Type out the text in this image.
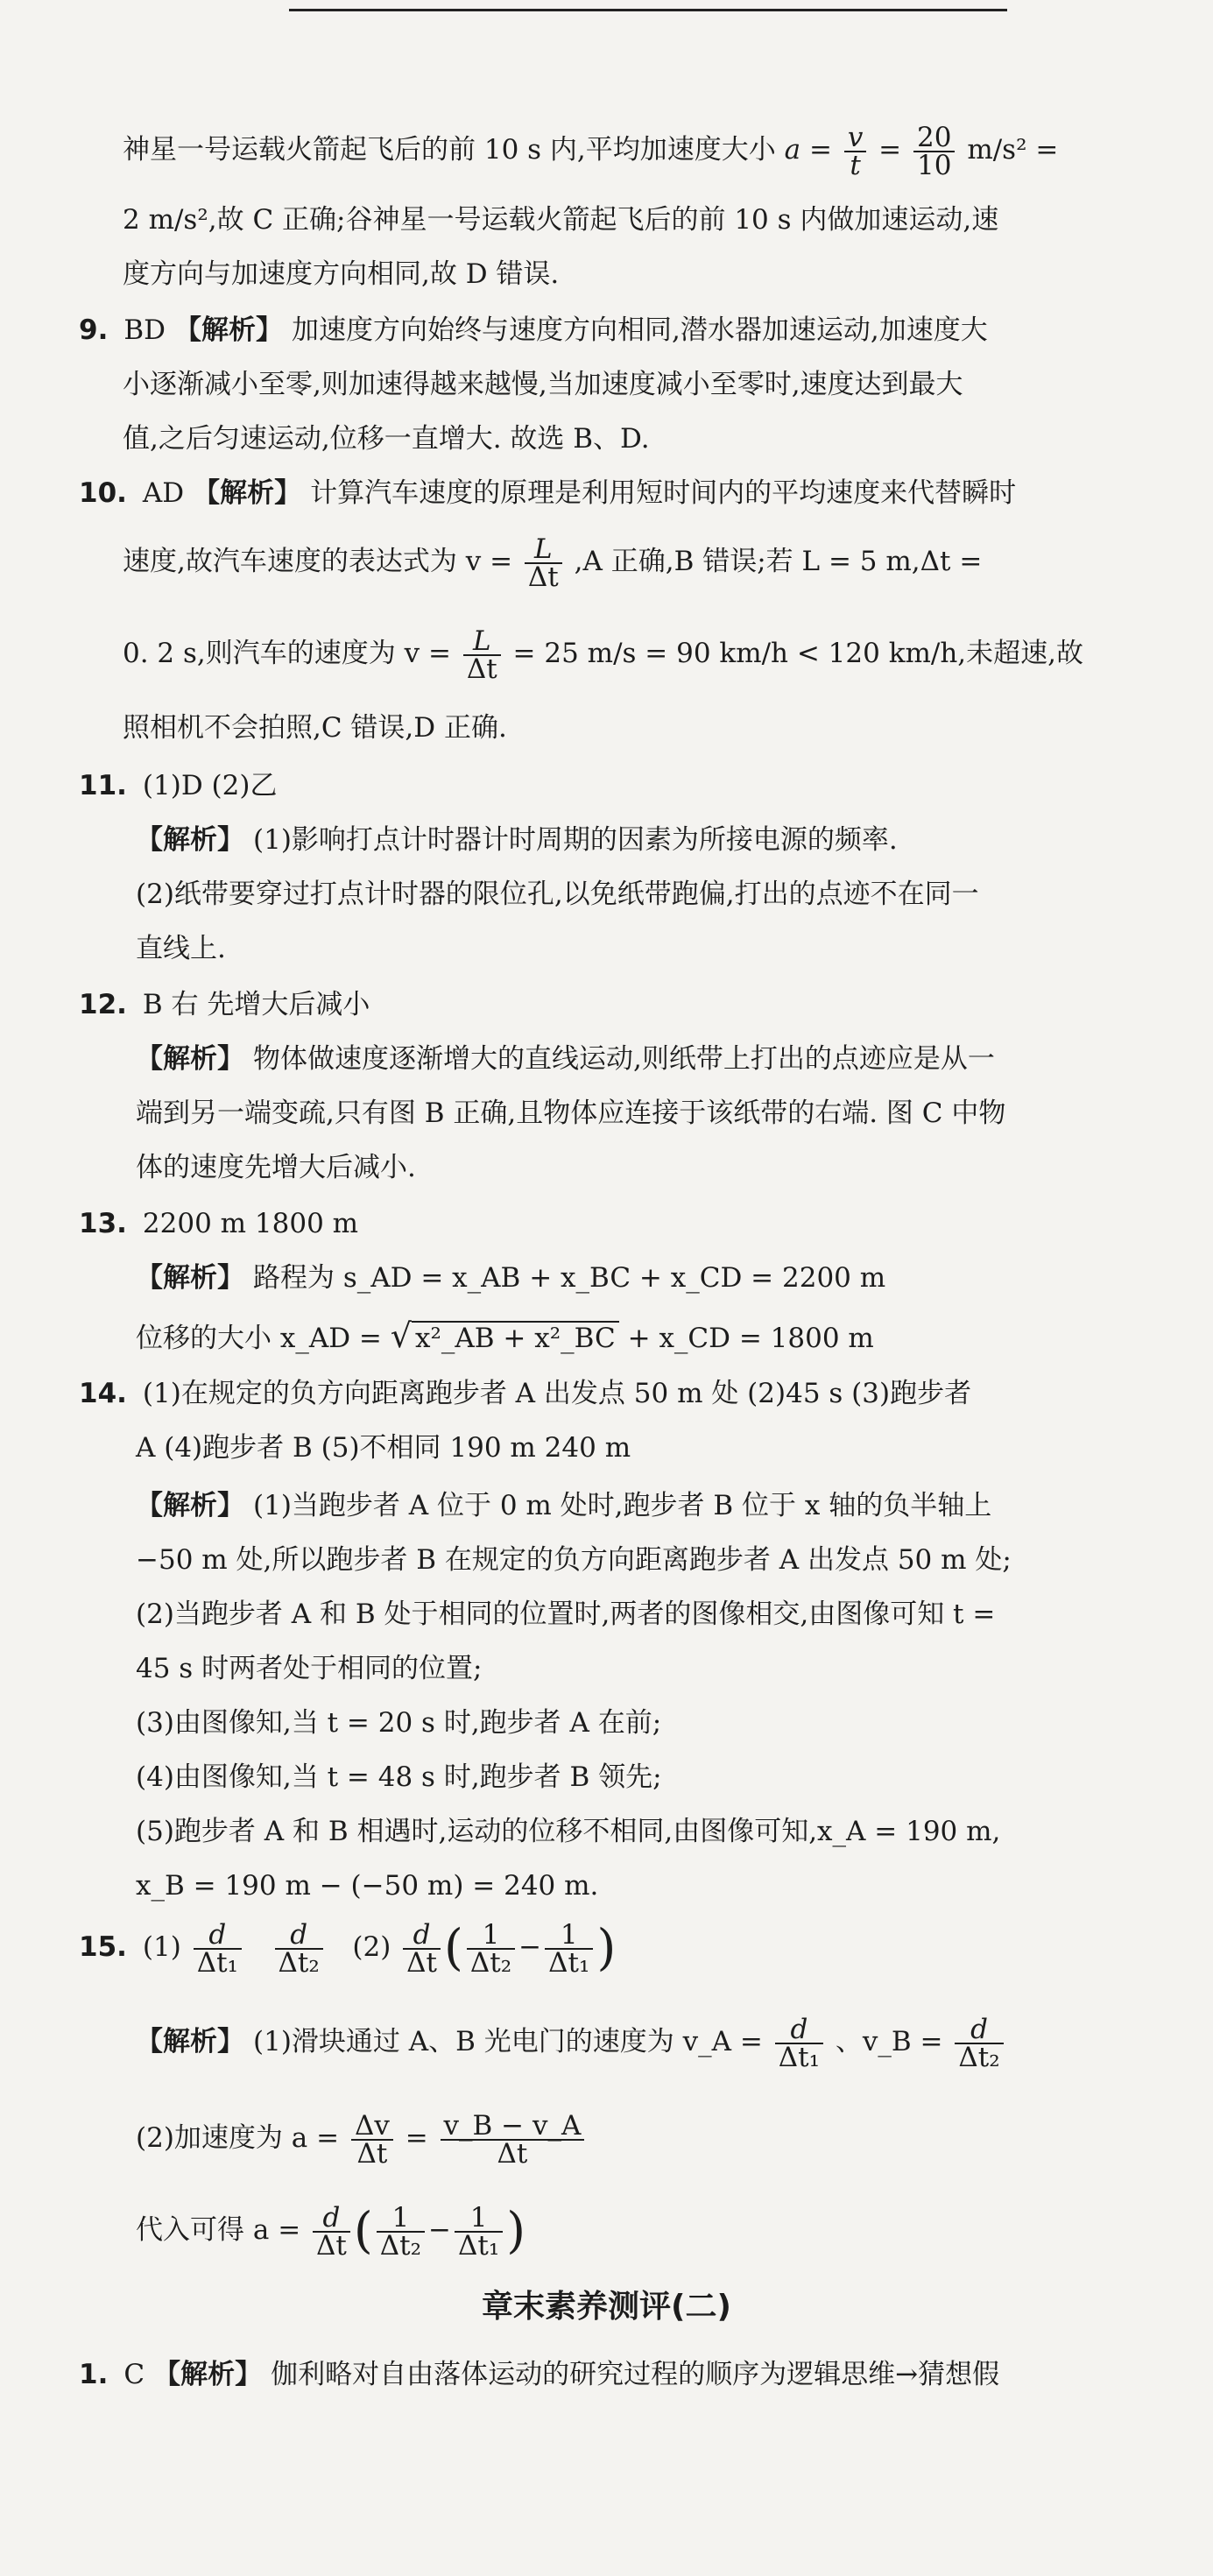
神星一号运载火箭起飞后的前 10 s 内,平均加速度大小 $a = \frac{v}{t} = \frac{20}{10} m/s^2$ =
2 m/s²,故 C 正确;谷神星一号运载火箭起飞后的前 10 s 内做加速运动,速
度方向与加速度方向相同,故 D 错误.
9. BD 【解析】 加速度方向始终与速度方向相同,潜水器加速运动,加速度大
小逐渐减小至零,则加速得越来越慢,当加速度减小至零时,速度达到最大
值,之后匀速运动,位移一直增大. 故选 B、D.
10. AD 【解析】 计算汽车速度的原理是利用短时间内的平均速度来代替瞬时
速度,故汽车速度的表达式为 $v = \frac{L}{\Delta t} ,A$ 正确,B 错误;若 L = 5 m,Δt =
0. 2 s,则汽车的速度为 $v = \frac{L}{\Delta t} = 25$ m/s = 90 km/h < 120 km/h,未超速,故
照相机不会拍照,C 错误,D 正确.
11. (1)D (2)乙
【解析】 (1)影响打点计时器计时周期的因素为所接电源的频率.
(2)纸带要穿过打点计时器的限位孔,以免纸带跑偏,打出的点迹不在同一
直线上.
12. B 右 先增大后减小
【解析】 物体做速度逐渐增大的直线运动,则纸带上打出的点迹应是从一
端到另一端变疏,只有图 B 正确,且物体应连接于该纸带的右端. 图 C 中物
体的速度先增大后减小.
13. 2200 m 1800 m
【解析】 路程为 s_AD = x_AB + x_BC + x_CD = 2200 m
位移的大小 x_AD = √ x²_AB + x²_BC + x_CD = 1800 m
14. (1)在规定的负方向距离跑步者 A 出发点 50 m 处 (2)45 s (3)跑步者
A (4)跑步者 B (5)不相同 190 m 240 m
【解析】 (1)当跑步者 A 位于 0 m 处时,跑步者 B 位于 x 轴的负半轴上
−50 m 处,所以跑步者 B 在规定的负方向距离跑步者 A 出发点 50 m 处;
(2)当跑步者 A 和 B 处于相同的位置时,两者的图像相交,由图像可知 t =
45 s 时两者处于相同的位置;
(3)由图像知,当 t = 20 s 时,跑步者 A 在前;
(4)由图像知,当 t = 48 s 时,跑步者 B 领先;
(5)跑步者 A 和 B 相遇时,运动的位移不相同,由图像可知,x_A = 190 m,
x_B = 190 m − (−50 m) = 240 m.
15. $(1) \frac{d}{\text{Δt₁}}$
$\frac{d}{\text{Δt₂}} (2) \frac{d}{\Delta t}$ ( $\frac{1}{\text{Δt₂}} - \frac{1}{\text{Δt₁}}$ )
【解析】 (1)滑块通过 A、B 光电门的速度为 v_A = $\frac{d}{\text{Δt₁}}$ 、v_B = $\frac{d}{\text{Δt₂}}$
(2)加速度为 $a = \frac{\Delta v}{\Delta t} = \frac{v\_B - v\_A}{\Delta t}$
代入可得 $a = \frac{d}{\Delta t}$ ( $\frac{1}{\text{Δt₂}} - \frac{1}{\text{Δt₁}}$ )
章末素养测评(二)
1. C 【解析】 伽利略对自由落体运动的研究过程的顺序为逻辑思维→猜想假
